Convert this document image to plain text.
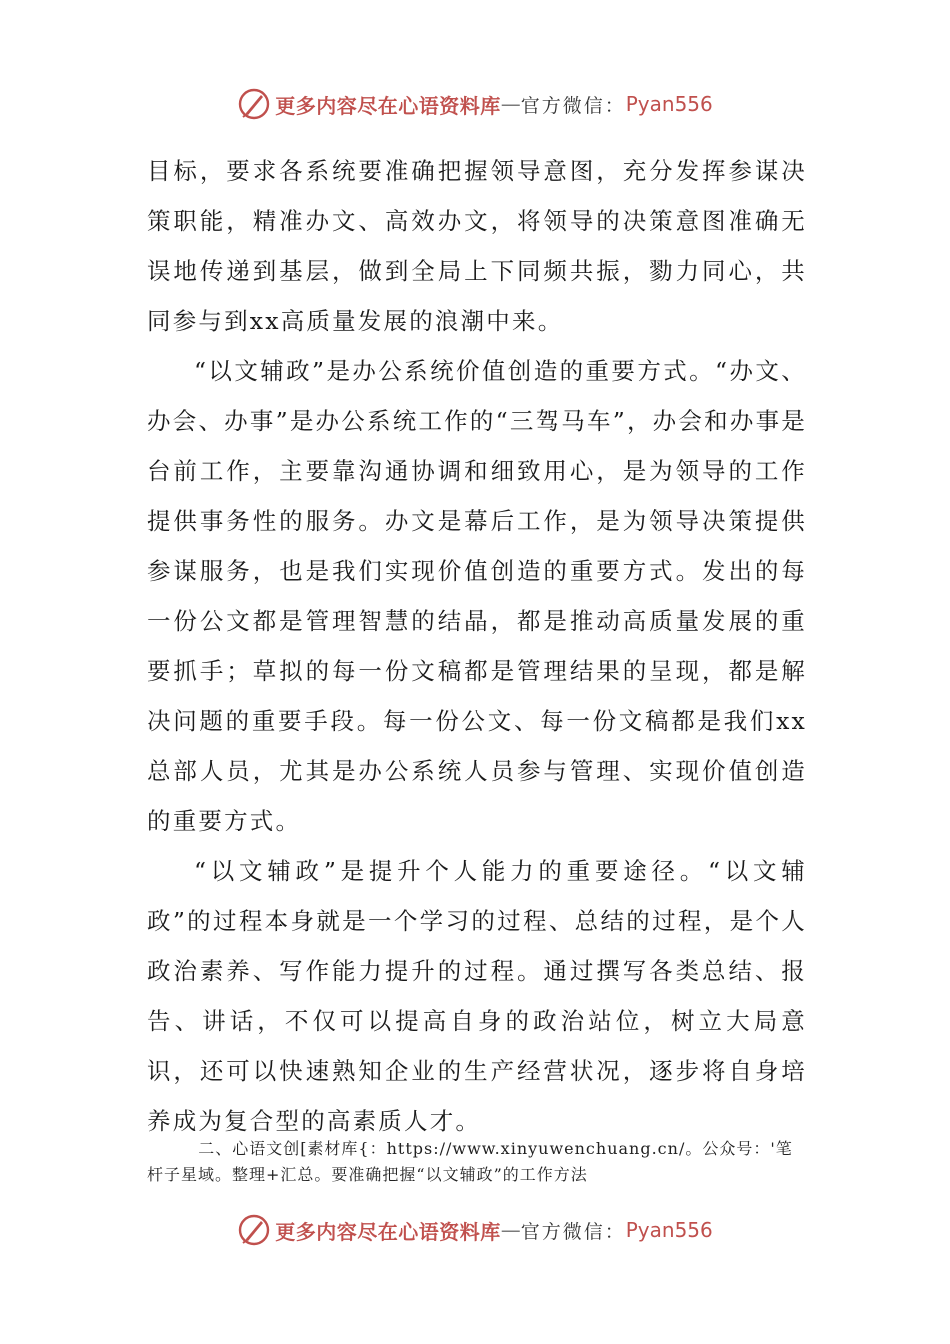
更多内容尽在心语资料库 — 官方微信： Pyan556

目标，要求各系统要准确把握领导意图，充分发挥参谋决策职能，精准办文、高效办文，将领导的决策意图准确无误地传递到基层，做到全局上下同频共振，勠力同心，共同参与到xx高质量发展的浪潮中来。

“以文辅政”是办公系统价值创造的重要方式。“办文、办会、办事”是办公系统工作的“三驾马车”，办会和办事是台前工作，主要靠沟通协调和细致用心，是为领导的工作提供事务性的服务。办文是幕后工作，是为领导决策提供参谋服务，也是我们实现价值创造的重要方式。发出的每一份公文都是管理智慧的结晶，都是推动高质量发展的重要抓手；草拟的每一份文稿都是管理结果的呈现，都是解决问题的重要手段。每一份公文、每一份文稿都是我们xx总部人员，尤其是办公系统人员参与管理、实现价值创造的重要方式。

“以文辅政”是提升个人能力的重要途径。“以文辅政”的过程本身就是一个学习的过程、总结的过程，是个人政治素养、写作能力提升的过程。通过撰写各类总结、报告、讲话，不仅可以提高自身的政治站位，树立大局意识，还可以快速熟知企业的生产经营状况，逐步将自身培养成为复合型的高素质人才。

二、心语文创[素材库{：https://www.xinyuwenchuang.cn/。公众号：'笔杆子星域。整理+汇总。要准确把握“以文辅政”的工作方法
更多内容尽在心语资料库 — 官方微信： Pyan556
